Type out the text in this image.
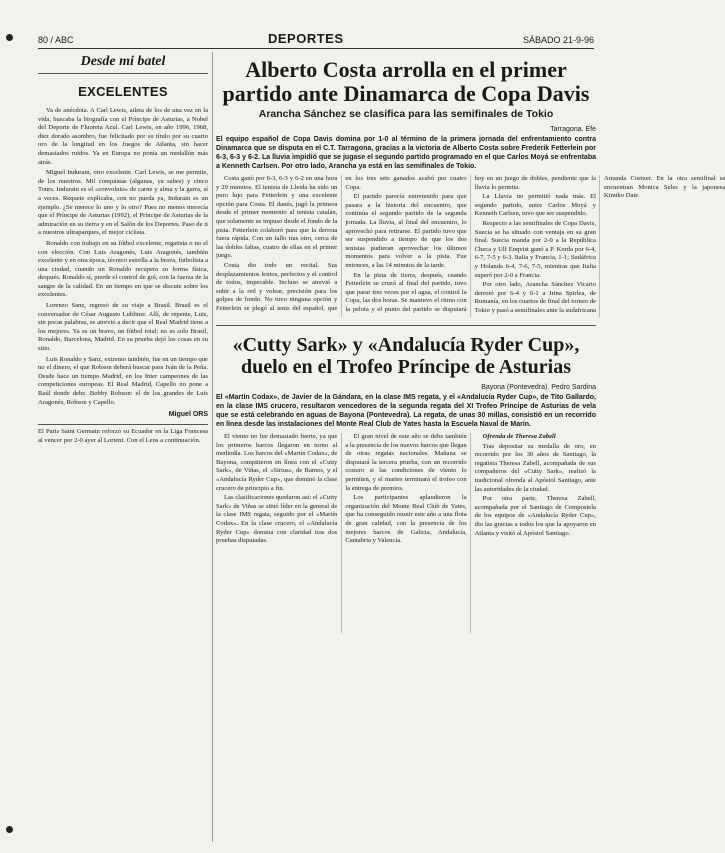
80 / ABC	DEPORTES	SÁBADO 21-9-96

Desde mi batel

EXCELENTES

Va de anécdota. A Carl Lewis, atleta de los de una vez en la vida, buscaba la biografía con el Príncipe de Asturias, a Nobel del Deporte de Fluoreta Azul. Carl Lewis, en año 1996, 1968, diez dorado asombro, fue felicitado por su título por su cuarto oro de la longitud en los Juegos de Atlanta, sin hacer demasiados ruidos. Ya en Europa no ponía un medallón más atrás.

Miguel Indurain, otro excelente. Carl Lewis, se me permite, de los nuestros. Mil conquistas (algunas, ya sabes) y cinco Tours. Indurain es el «convoluto» de carne y alma y la garra, sí a veces. Requete explicaba, con no pueda ya, Indurain es un ejemplo. ¿Se merece lo uno y lo otro? Pues no menos merecía que el Príncipe de Asturias (1992), el Príncipe de Asturias de la admiración en su tierra y en el Salón de los Deportes. Paso de ti a nuestros ultraparques, el mejor ciclista.

Ronaldo con trabajo en su fútbol excelente, regatista o no el con elección. Con Luis Aragonés, Luis Aragonés, también excelente y en otra época, técnico estrella a la brava, futbolista a una ciudad, cuando un Ronaldo recupera su forma física, después. Ronaldo sí, pierde el control de gol, con la fuerza de la sangre de la calidad. En un tiempo en que se discute sobre los excelentes.

Lorenzo Sanz, regresó de su viaje a Brasil. Brasil es el conversador de César Augusto Lubliner. Allí, de repente, Luis, sin pocas palabras, se atrevió a decir que el Real Madrid tiene a los mejores. Ya es un bravo, un fútbol total; no es solo Brasil, Ronaldo, Barcelona, Madrid. En su prueba dejó las cosas en su sitio.

Luis Ronaldo y Sanz, extremo también, fue en un tiempo que no el dinero, el que Robson deberá buscar para Iván de la Peña. Desde hace un tiempo Madrid, en los Inter campeones de las competiciones europeas. El Real Madrid, Capello no pone a Raúl donde debe. Bobby Robson: el de los grandes de Luis Aragonés, Robson y Capello.

Miguel ORS

El Paris Saint Germain reforzó su Ecuador en la Liga Francesa al vencer por 2-0 ayer al Lorient. Con el Lens a continuación.

Alberto Costa arrolla en el primer partido ante Dinamarca de Copa Davis

Arancha Sánchez se clasifica para las semifinales de Tokio

Tarragona. Efe

El equipo español de Copa Davis domina por 1-0 al término de la primera jornada del enfrentamiento contra Dinamarca que se disputa en el C.T. Tarragona, gracias a la victoria de Alberto Costa sobre Frederik Fetterlein por 6-3, 6-3 y 6-2. La lluvia impidió que se jugase el segundo partido programado en el que Carlos Moyá se enfrentaba a Kenneth Carlsen. Por otro lado, Arancha ya está en las semifinales de Tokio.

Costa ganó por 6-3, 6-3 y 6-2 en una hora y 29 minutos. El tenista de Lleida ha sido un puro lujo para Fetterlein y una excelente opción para Costa. El danés, jugó la primera desde el primer momento al tenista catalán, que solamente se impuso desde el fondo de la pista. Fetterlein colaboró para que la derrota fuera rápida. Con un fallo tras otro, cerca de las dobles faltas, cuatro de ellas en el primer juego.

Costa dio todo un recital. Sus desplazamientos lentos, perfectos y el control de todos, impecable. Incluso se atrevió a subir a la red y volear, precisión para los golpes de fondo. No tuvo ninguna opción y Fetterlein se plegó al tenis del español, que en los tres sets ganados acabó por cuatro Copa.

El partido parecía entretenido para que pasara a la historia del encuentro, que continúa el segundo partido de la segunda jornada. La lluvia, al final del encuentro, lo aprovechó para retirarse. El partido tuvo que ser suspendido a tiempo de que los dos tenistas pudieran aprovechar los últimos momentos para volver a la pista. Fue entonces, a las 14 minutos de la tarde.

En la pista de tierra, después, cuando Fetterlein se cruzó al final del partido, tuvo que parar tres veces por el agua, el control la Copa, las dos horas. Se mantuvo el ritmo con la pelota y el punto del partido se disputará hoy en un juego de dobles, pendiente que la lluvia lo permita.

La Lluvia no permitió nada más. El segundo partido, entre Carlos Moyá y Kenneth Carlsen, tuvo que ser suspendido.

Respecto a las semifinales de Copa Davis, Suecia se ha situado con ventaja en su gran final. Suecia manda por 2-0 a la República Checa y Ulf Enqvist ganó a P. Korda por 6-4, 6-7, 7-5 y 6-3. Italia y Francia, 1-1; Sudáfrica y Holanda 6-4, 7-6, 7-5, mientras que Italia superó por 2-0 a Francia.

Por otro lado, Arancha Sánchez Vicario derrotó por 6-4 y 6-1 a Irina Spirlea, de Rumanía, en los cuartos de final del torneo de Tokio y pasó a semifinales ante la sudafricana Amanda Coetzer. En la otra semifinal se encuentran Monica Seles y la japonesa Kimiko Date.

«Cutty Sark» y «Andalucía Ryder Cup», duelo en el Trofeo Príncipe de Asturias

Bayona (Pontevedra). Pedro Sardina

El «Martín Codax», de Javier de la Gándara, en la clase IMS regata, y el «Andalucía Ryder Cup», de Tito Gallardo, en la clase IMS crucero, resultaron vencedores de la segunda regata del XI Trofeo Príncipe de Asturias de vela que se está celebrando en aguas de Bayona (Pontevedra). La regata, de unas 30 millas, consistió en un recorrido en línea desde las instalaciones del Monte Real Club de Yates hasta la Escuela Naval de Marín.

El viento no fue demasiado fuerte, ya que los primeros barcos llegaron en torno al mediodía. Los barcos del «Martín Codax», de Bayona, compitieron en línea con el «Cutty Sark», de Viñas, el «Sirius», de Ramos, y el «Andalucía Ryder Cup», que dominó la clase crucero de principio a fin.

Las clasificaciones quedaron así: el «Cutty Sark» de Viñas se situó líder en la general de la clase IMS regata, seguido por el «Martín Codax». En la clase crucero, el «Andalucía Ryder Cup» domina con claridad tras dos pruebas disputadas.

El gran nivel de este año se debe también a la presencia de los nuevos barcos que llegan de otras regatas nacionales. Mañana se disputará la tercera prueba, con un recorrido costero si las condiciones de viento lo permiten, y el martes terminará el trofeo con la entrega de premios.

Los participantes aplaudieron la organización del Monte Real Club de Yates, que ha conseguido reunir este año a una flota de gran calidad, con la presencia de los mejores barcos de Galicia, Andalucía, Cantabria y Valencia.

Ofrenda de Theresa Zabell

Tras depositar su medalla de oro, en recorrido por los 30 años de Santiago, la regatista Theresa Zabell, acompañada de sus compañeros del «Cutty Sark», realizó la tradicional ofrenda al Apóstol Santiago, ante las autoridades de la ciudad.

Por otra parte, Theresa Zabell, acompañada por el Santiago de Compostela de los equipos de «Andalucía Ryder Cup», dio las gracias a todos los que la apoyaron en Atlanta y visitó al Apóstol Santiago.
